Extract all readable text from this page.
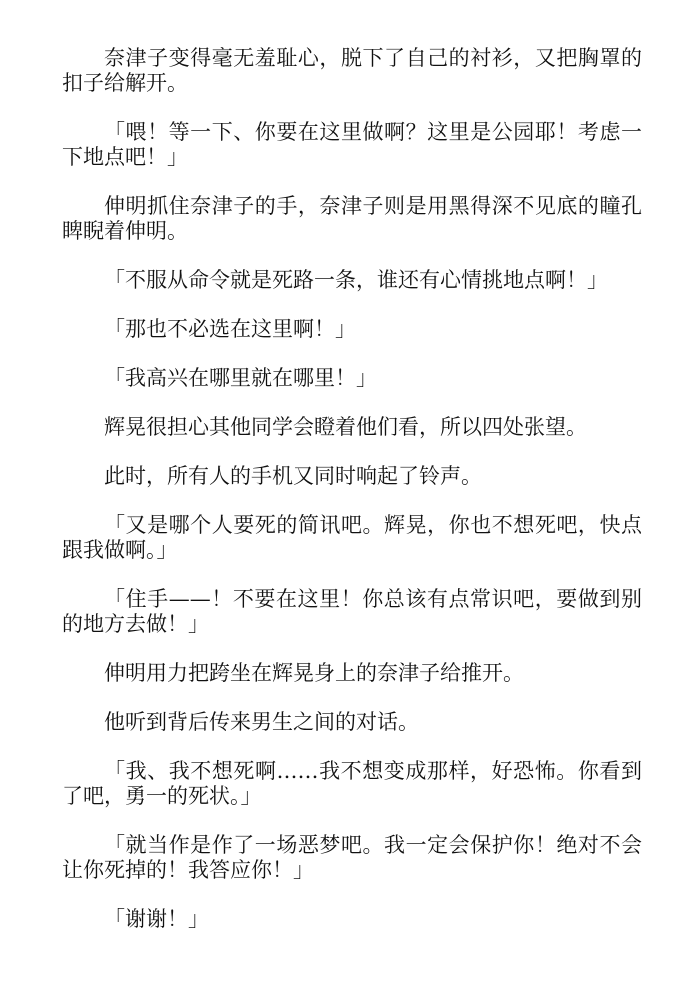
奈津子变得毫无羞耻心，脱下了自己的衬衫，又把胸罩的扣子给解开。

「喂！等一下、你要在这里做啊？这里是公园耶！考虑一下地点吧！」

伸明抓住奈津子的手，奈津子则是用黑得深不见底的瞳孔睥睨着伸明。

「不服从命令就是死路一条，谁还有心情挑地点啊！」

「那也不必选在这里啊！」

「我高兴在哪里就在哪里！」

辉晃很担心其他同学会瞪着他们看，所以四处张望。

此时，所有人的手机又同时响起了铃声。

「又是哪个人要死的简讯吧。辉晃，你也不想死吧，快点跟我做啊。」

「住手——！不要在这里！你总该有点常识吧，要做到别的地方去做！」

伸明用力把跨坐在辉晃身上的奈津子给推开。

他听到背后传来男生之间的对话。

「我、我不想死啊……我不想变成那样，好恐怖。你看到了吧，勇一的死状。」

「就当作是作了一场恶梦吧。我一定会保护你！绝对不会让你死掉的！我答应你！」

「谢谢！」
